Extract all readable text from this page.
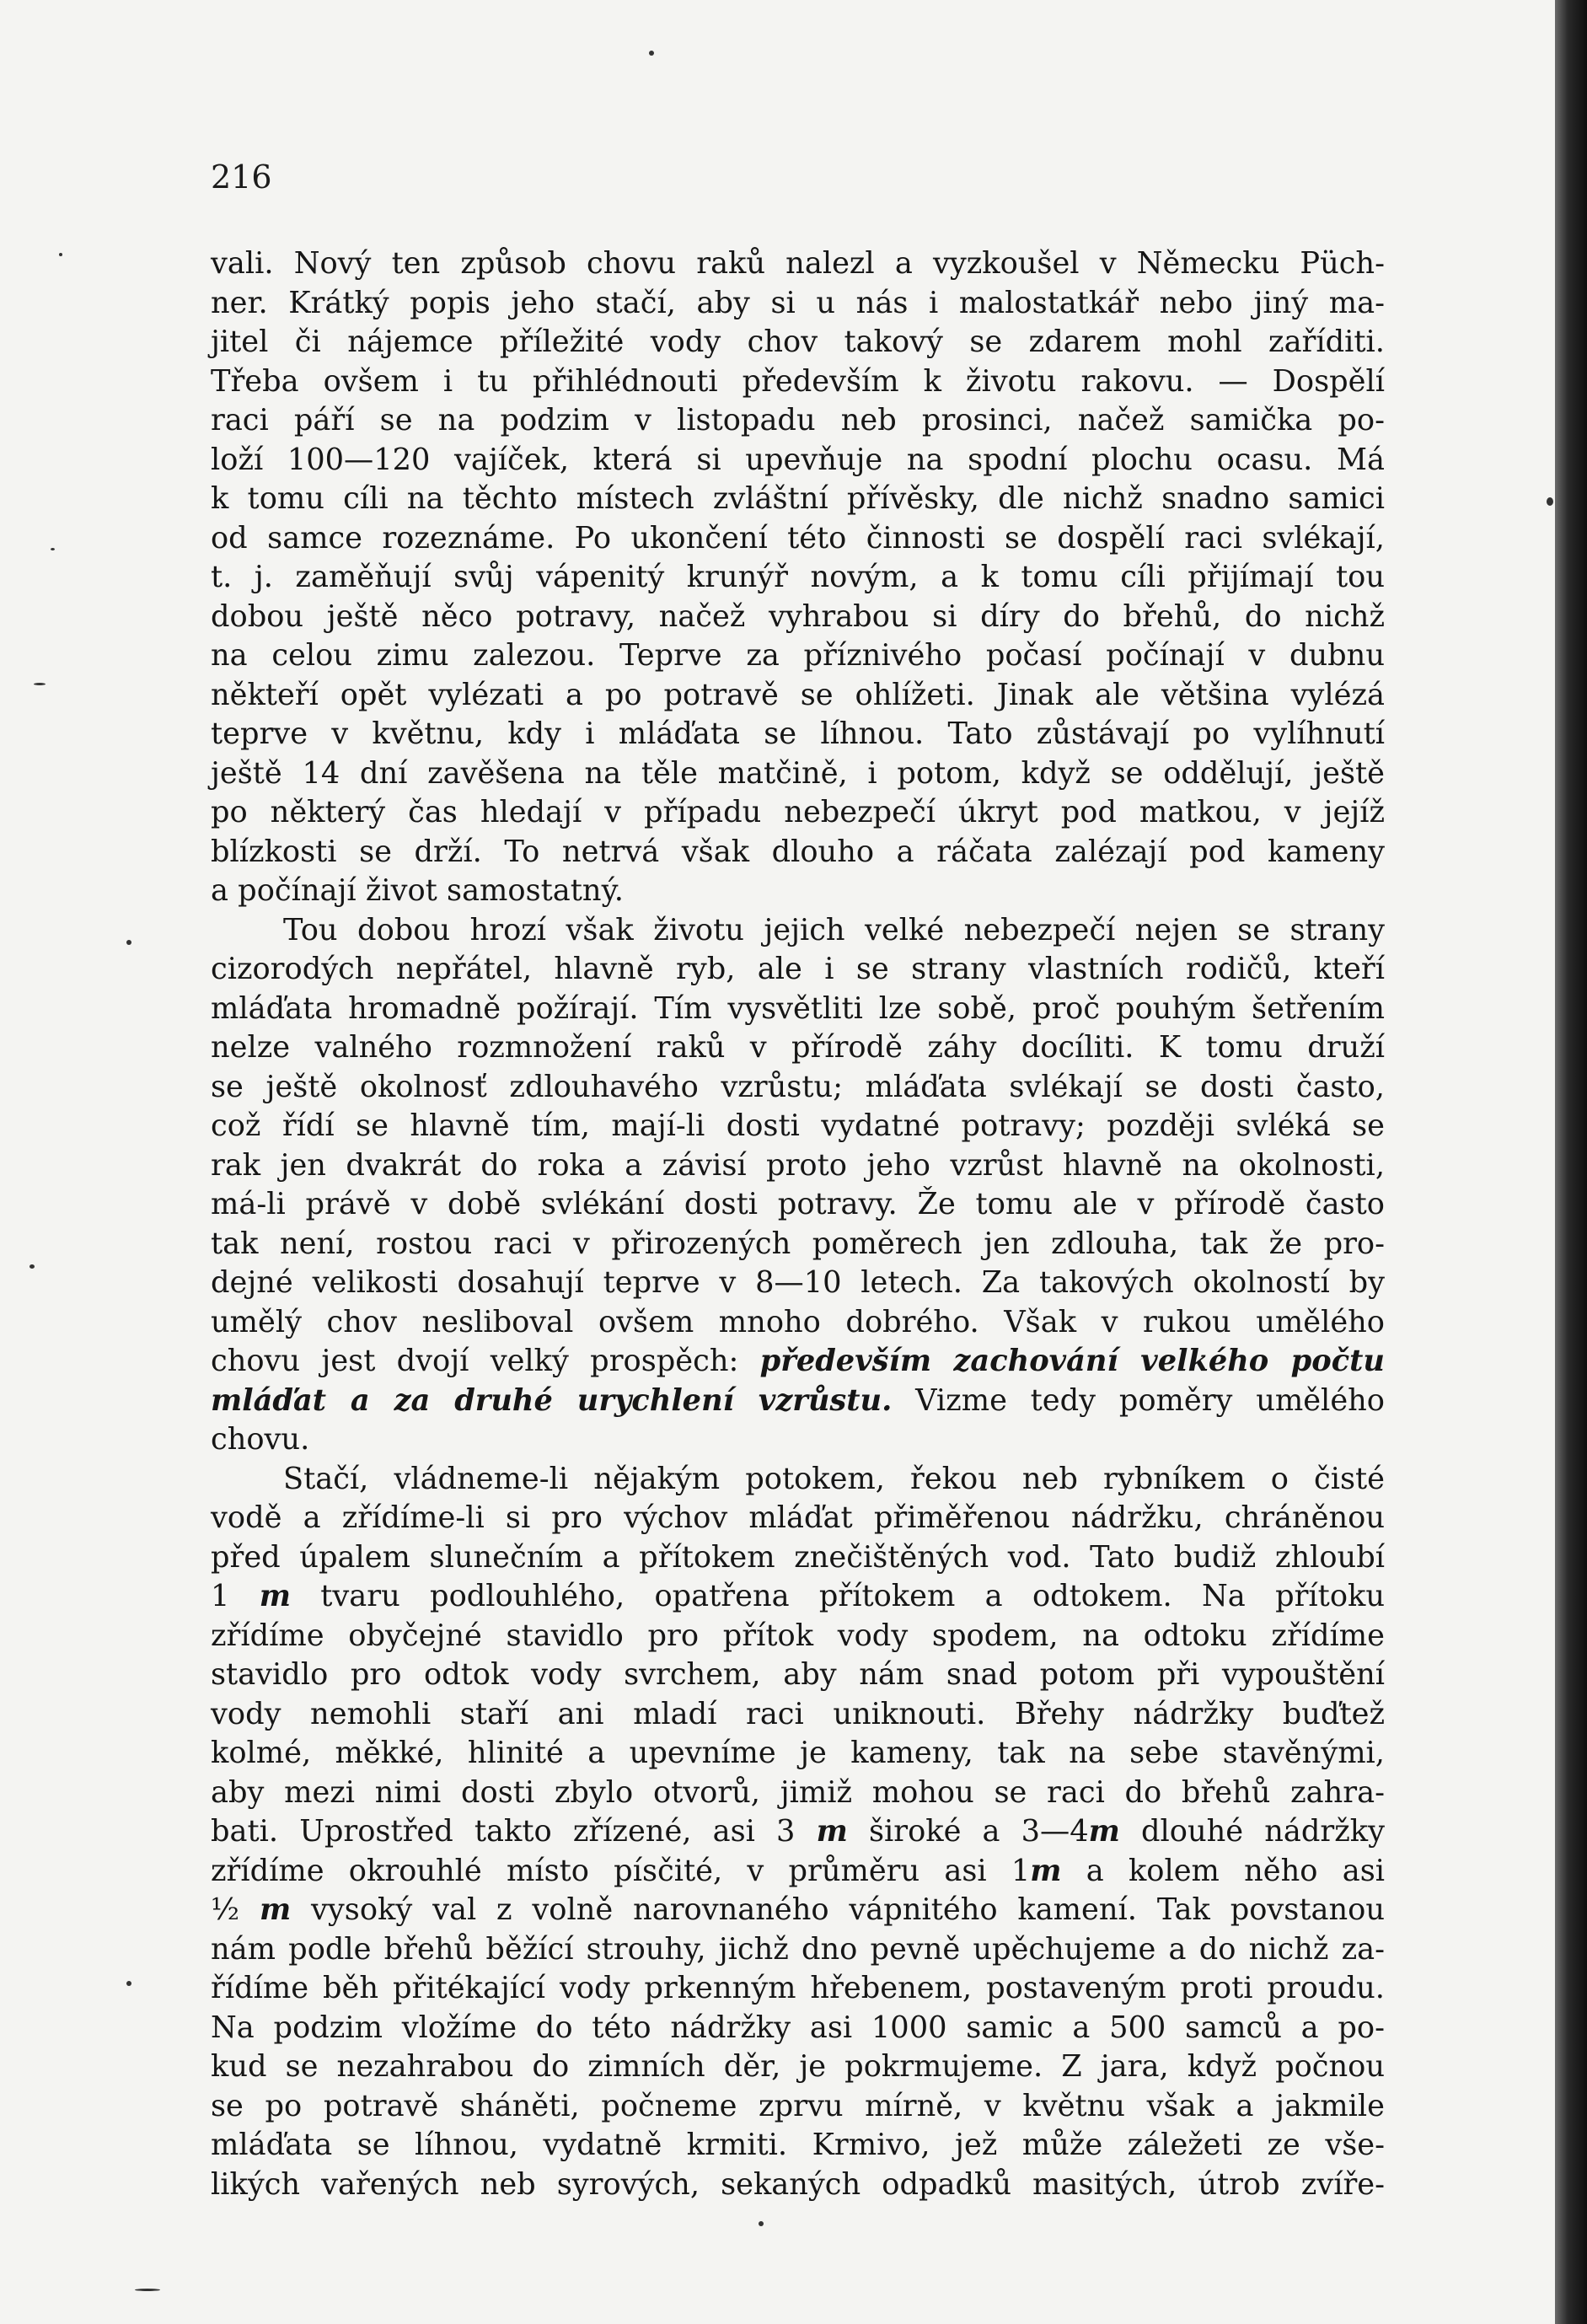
216

vali. Nový ten způsob chovu raků nalezl a vyzkoušel v Německu Püch-
ner. Krátký popis jeho stačí, aby si u nás i malostatkář nebo jiný ma-
jitel či nájemce příležité vody chov takový se zdarem mohl zaříditi.
Třeba ovšem i tu přihlédnouti především k životu rakovu. — Dospělí
raci páří se na podzim v listopadu neb prosinci, načež samička po-
loží 100—120 vajíček, která si upevňuje na spodní plochu ocasu. Má
k tomu cíli na těchto místech zvláštní přívěsky, dle nichž snadno samici
od samce rozeznáme. Po ukončení této činnosti se dospělí raci svlékají,
t. j. zaměňují svůj vápenitý krunýř novým, a k tomu cíli přijímají tou
dobou ještě něco potravy, načež vyhrabou si díry do břehů, do nichž
na celou zimu zalezou. Teprve za příznivého počasí počínají v dubnu
někteří opět vylézati a po potravě se ohlížeti. Jinak ale většina vylézá
teprve v květnu, kdy i mláďata se líhnou. Tato zůstávají po vylíhnutí
ještě 14 dní zavěšena na těle matčině, i potom, když se oddělují, ještě
po některý čas hledají v případu nebezpečí úkryt pod matkou, v jejíž
blízkosti se drží. To netrvá však dlouho a ráčata zalézají pod kameny
a počínají život samostatný.

Tou dobou hrozí však životu jejich velké nebezpečí nejen se strany
cizorodých nepřátel, hlavně ryb, ale i se strany vlastních rodičů, kteří
mláďata hromadně požírají. Tím vysvětliti lze sobě, proč pouhým šetřením
nelze valného rozmnožení raků v přírodě záhy docíliti. K tomu druží
se ještě okolnosť zdlouhavého vzrůstu; mláďata svlékají se dosti často,
což řídí se hlavně tím, mají-li dosti vydatné potravy; později svléká se
rak jen dvakrát do roka a závisí proto jeho vzrůst hlavně na okolnosti,
má-li právě v době svlékání dosti potravy. Že tomu ale v přírodě často
tak není, rostou raci v přirozených poměrech jen zdlouha, tak že pro-
dejné velikosti dosahují teprve v 8—10 letech. Za takových okolností by
umělý chov nesliboval ovšem mnoho dobrého. Však v rukou umělého
chovu jest dvojí velký prospěch: především zachování velkého počtu
mláďat a za druhé urychlení vzrůstu. Vizme tedy poměry umělého
chovu.
Stačí, vládneme-li nějakým potokem, řekou neb rybníkem o čisté
vodě a zřídíme-li si pro výchov mláďat přiměřenou nádržku, chráněnou
před úpalem slunečním a přítokem znečištěných vod. Tato budiž zhloubí
1 m tvaru podlouhlého, opatřena přítokem a odtokem. Na přítoku
zřídíme obyčejné stavidlo pro přítok vody spodem, na odtoku zřídíme
stavidlo pro odtok vody svrchem, aby nám snad potom při vypouštění
vody nemohli staří ani mladí raci uniknouti. Břehy nádržky buďtež
kolmé, měkké, hlinité a upevníme je kameny, tak na sebe stavěnými,
aby mezi nimi dosti zbylo otvorů, jimiž mohou se raci do břehů zahra-
bati. Uprostřed takto zřízené, asi 3 m široké a 3—4m dlouhé nádržky
zřídíme okrouhlé místo písčité, v průměru asi 1m a kolem něho asi
½ m vysoký val z volně narovnaného vápnitého kamení. Tak povstanou
nám podle břehů běžící strouhy, jichž dno pevně upěchujeme a do nichž za-
řídíme běh přitékající vody prkenným hřebenem, postaveným proti proudu.
Na podzim vložíme do této nádržky asi 1000 samic a 500 samců a po-
kud se nezahrabou do zimních děr, je pokrmujeme. Z jara, když počnou
se po potravě sháněti, počneme zprvu mírně, v květnu však a jakmile
mláďata se líhnou, vydatně krmiti. Krmivo, jež může záležeti ze vše-
likých vařených neb syrových, sekaných odpadků masitých, útrob zvíře-
